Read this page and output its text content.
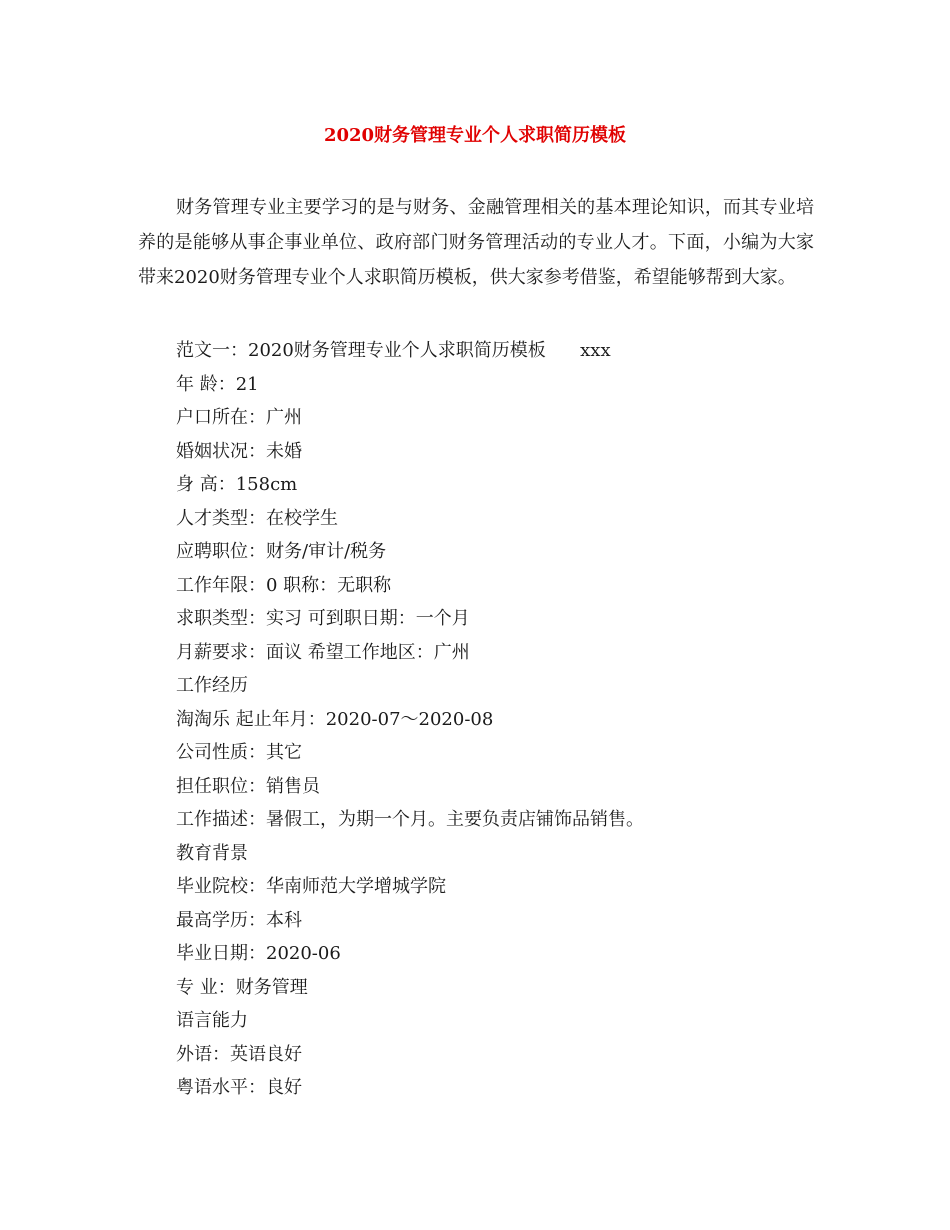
2020财务管理专业个人求职简历模板

财务管理专业主要学习的是与财务、金融管理相关的基本理论知识，而其专业培养的是能够从事企事业单位、政府部门财务管理活动的专业人才。下面，小编为大家带来2020财务管理专业个人求职简历模板，供大家参考借鉴，希望能够帮到大家。

范文一：2020财务管理专业个人求职简历模板      xxx
年 龄：21
户口所在：广州
婚姻状况：未婚
身 高：158cm
人才类型：在校学生
应聘职位：财务/审计/税务
工作年限：0 职称：无职称
求职类型：实习 可到职日期：一个月
月薪要求：面议 希望工作地区：广州
工作经历
淘淘乐 起止年月：2020-07～2020-08
公司性质：其它
担任职位：销售员
工作描述：暑假工，为期一个月。主要负责店铺饰品销售。
教育背景
毕业院校：华南师范大学增城学院
最高学历：本科
毕业日期：2020-06
专 业：财务管理
语言能力
外语：英语良好
粤语水平：良好
